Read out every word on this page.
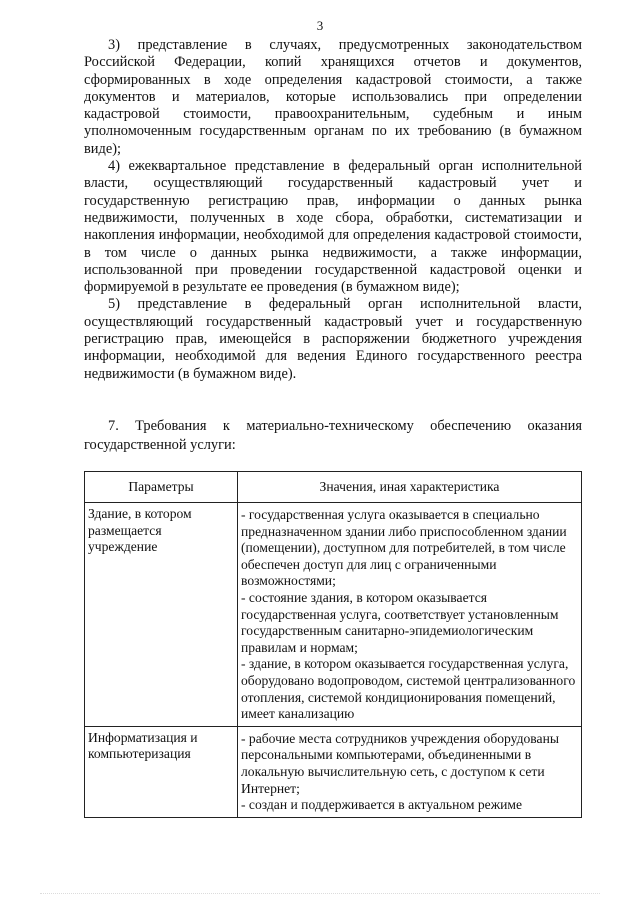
3

3) представление в случаях, предусмотренных законодательством Российской Федерации, копий хранящихся отчетов и документов, сформированных в ходе определения кадастровой стоимости, а также документов и материалов, которые использовались при определении кадастровой стоимости, правоохранительным, судебным и иным уполномоченным государственным органам по их требованию (в бумажном виде);

4) ежеквартальное представление в федеральный орган исполнительной власти, осуществляющий государственный кадастровый учет и государственную регистрацию прав, информации о данных рынка недвижимости, полученных в ходе сбора, обработки, систематизации и накопления информации, необходимой для определения кадастровой стоимости, в том числе о данных рынка недвижимости, а также информации, использованной при проведении государственной кадастровой оценки и формируемой в результате ее проведения (в бумажном виде);

5) представление в федеральный орган исполнительной власти, осуществляющий государственный кадастровый учет и государственную регистрацию прав, имеющейся в распоряжении бюджетного учреждения информации, необходимой для ведения Единого государственного реестра недвижимости (в бумажном виде).

7. Требования к материально-техническому обеспечению оказания государственной услуги:
Параметры	Значения, иная характеристика
Здание, в котором размещается учреждение	- государственная услуга оказывается в специально предназначенном здании либо приспособленном здании (помещении), доступном для потребителей, в том числе обеспечен доступ для лиц с ограниченными возможностями;
- состояние здания, в котором оказывается государственная услуга, соответствует установленным государственным санитарно-эпидемиологическим правилам и нормам;
- здание, в котором оказывается государственная услуга, оборудовано водопроводом, системой централизованного отопления, системой кондиционирования помещений, имеет канализацию

Информатизация и компьютеризация	- рабочие места сотрудников учреждения оборудованы персональными компьютерами, объединенными в локальную вычислительную сеть, с доступом к сети Интернет;
- создан и поддерживается в актуальном режиме
